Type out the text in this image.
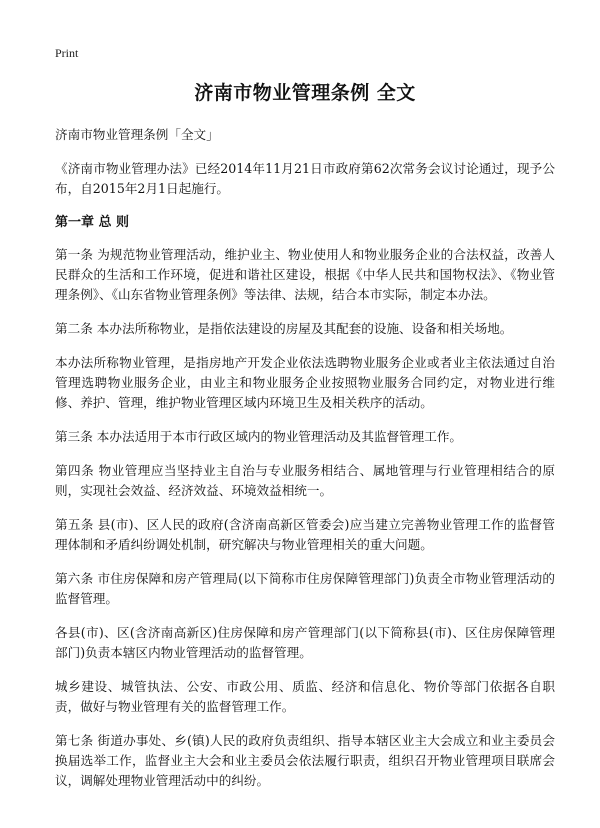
Print
济南市物业管理条例 全文

济南市物业管理条例「全文」

《济南市物业管理办法》已经2014年11月21日市政府第62次常务会议讨论通过，现予公布，自2015年2月1日起施行。

第一章 总 则

第一条 为规范物业管理活动，维护业主、物业使用人和物业服务企业的合法权益，改善人民群众的生活和工作环境，促进和谐社区建设，根据《中华人民共和国物权法》、《物业管理条例》、《山东省物业管理条例》等法律、法规，结合本市实际，制定本办法。

第二条 本办法所称物业，是指依法建设的房屋及其配套的设施、设备和相关场地。

本办法所称物业管理，是指房地产开发企业依法选聘物业服务企业或者业主依法通过自治管理选聘物业服务企业，由业主和物业服务企业按照物业服务合同约定，对物业进行维修、养护、管理，维护物业管理区域内环境卫生及相关秩序的活动。

第三条 本办法适用于本市行政区域内的物业管理活动及其监督管理工作。

第四条 物业管理应当坚持业主自治与专业服务相结合、属地管理与行业管理相结合的原则，实现社会效益、经济效益、环境效益相统一。

第五条 县(市)、区人民的政府(含济南高新区管委会)应当建立完善物业管理工作的监督管理体制和矛盾纠纷调处机制，研究解决与物业管理相关的重大问题。

第六条 市住房保障和房产管理局(以下简称市住房保障管理部门)负责全市物业管理活动的监督管理。

各县(市)、区(含济南高新区)住房保障和房产管理部门(以下简称县(市)、区住房保障管理部门)负责本辖区内物业管理活动的监督管理。

城乡建设、城管执法、公安、市政公用、质监、经济和信息化、物价等部门依据各自职责，做好与物业管理有关的监督管理工作。

第七条 街道办事处、乡(镇)人民的政府负责组织、指导本辖区业主大会成立和业主委员会换届选举工作，监督业主大会和业主委员会依法履行职责，组织召开物业管理项目联席会议，调解处理物业管理活动中的纠纷。
